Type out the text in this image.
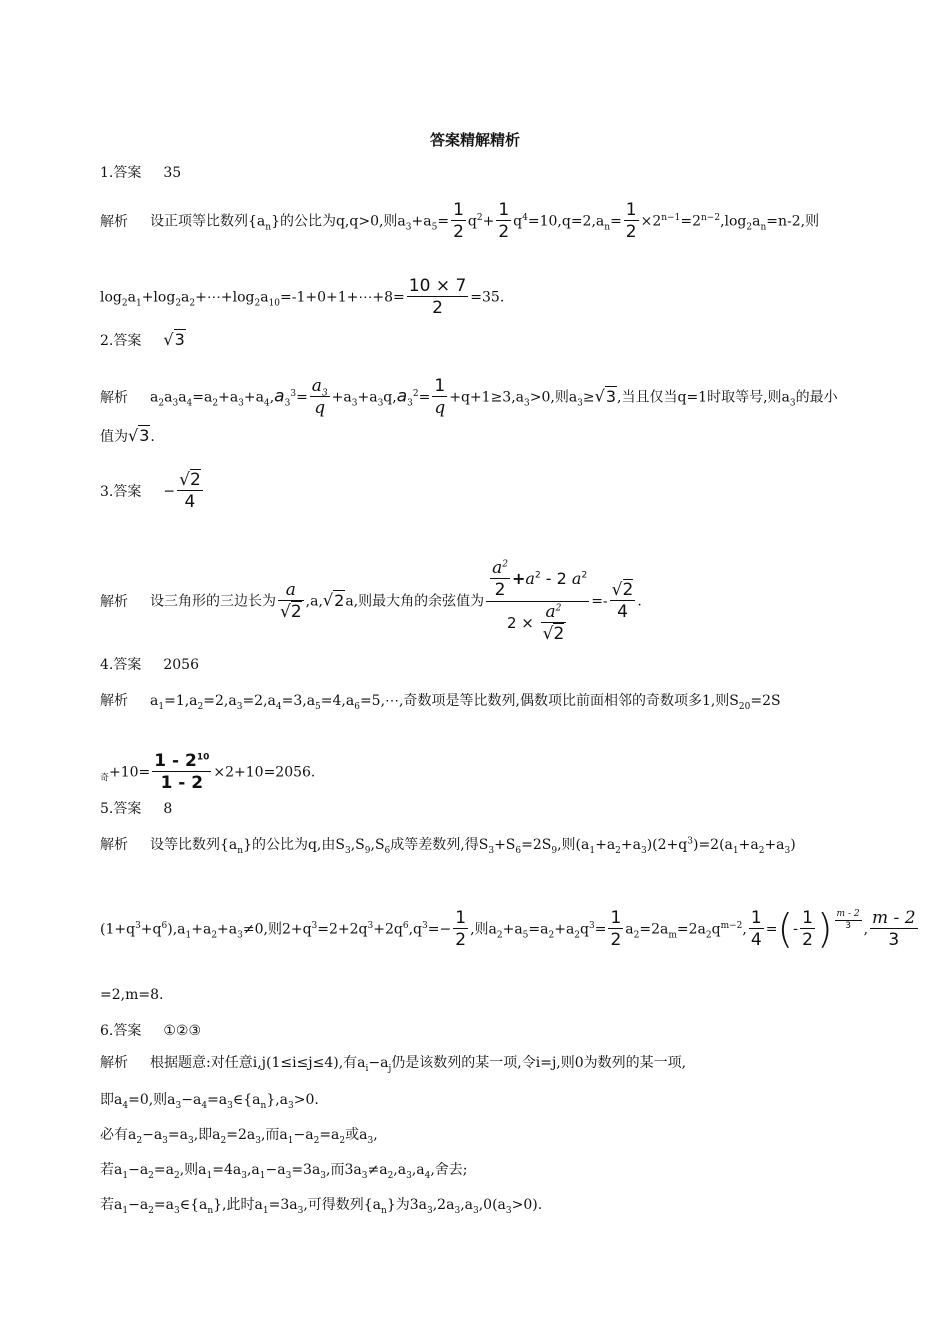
答案精解精析
1.答案 35
解析 设正项等比数列$\{a_n\}$的公比为q,q>0,则$a_3+a_5= \frac{1}{2} q^2+ \frac{1}{2} q^4=10,q=2,a_n= \frac{1}{2} \times 2^{n-1}=2^{n-2},\log_2a_n=n-2$,则
$\log_2a_1+\log_2a_2+\cdots+\log_2a_{10}=-1+0+1+\cdots+8= \frac{10 \times 7}{2} =35$.
2.答案 √3
解析 $a_2a_3a_4=a_2+a_3+a_4,a_3^3= \frac{a_3}{q} +a_3+a_3q,a_3^2= \frac{1}{q} +q+1\ge 3,a_3>0$,则$a_3\ge√3$,当且仅当q=1时取等号,则$a_3$的最小
值为√3.
3.答案 − $\frac{√2}{4}$
解析 设三角形的三边长为 $\frac{a}{√2} ,a,√2a$,则最大角的余弦值为 $\frac{\frac{a^2}{2} +a^2 - 2 a^2}{2 \times \frac{a^2}{√2}} =- \frac{√2}{4}$ .
4.答案 2056
解析 $a_1=1,a_2=2,a_3=2,a_4=3,a_5=4,a_6=5,\cdots$,奇数项是等比数列,偶数项比前面相邻的奇数项多1,则$S_{20}=2S$
$_奇+10= \frac{1 - 2^{10}}{1 - 2} \times 2+10=2056$.
5.答案 8
解析 设等比数列$\{a_n\}$的公比为q,由$S_3,S_9,S_6$成等差数列,得$S_3+S_6=2S_9$,则$(a_1+a_2+a_3)(2+q^3)=2(a_1+a_2+a_3)$
$(1+q^3+q^6),a_1+a_2+a_3\ne 0$,则$2+q^3=2+2q^3+2q^6,q^3=- \frac{1}{2}$ ,则$a_2+a_5=a_2+a_2q^3= \frac{1}{2} a_2=2a_m=2a_2q^{m-2}$, $\frac{1}{4}$ =(- $\frac{1}{2}$ ) $\frac{m - 2}{3}$ , $\frac{m - 2}{3}$
=2,m=8.
6.答案 ①②③
解析 根据题意:对任意i,j(1≤i≤j≤4),有$a_i-a_j$仍是该数列的某一项,令i=j,则0为数列的某一项,
即$a_4=0$,则$a_3-a_4=a_3\in\{a_n\},a_3>0$.
必有$a_2-a_3=a_3$,即$a_2=2a_3$,而$a_1-a_2=a_2$或$a_3$,
若$a_1-a_2=a_2$,则$a_1=4a_3,a_1-a_3=3a_3$,而$3a_3\ne a_2,a_3,a_4$,舍去;
若$a_1-a_2=a_3\in\{a_n\}$,此时$a_1=3a_3$,可得数列$\{a_n\}$为$3a_3,2a_3,a_3,0(a_3>0)$.
